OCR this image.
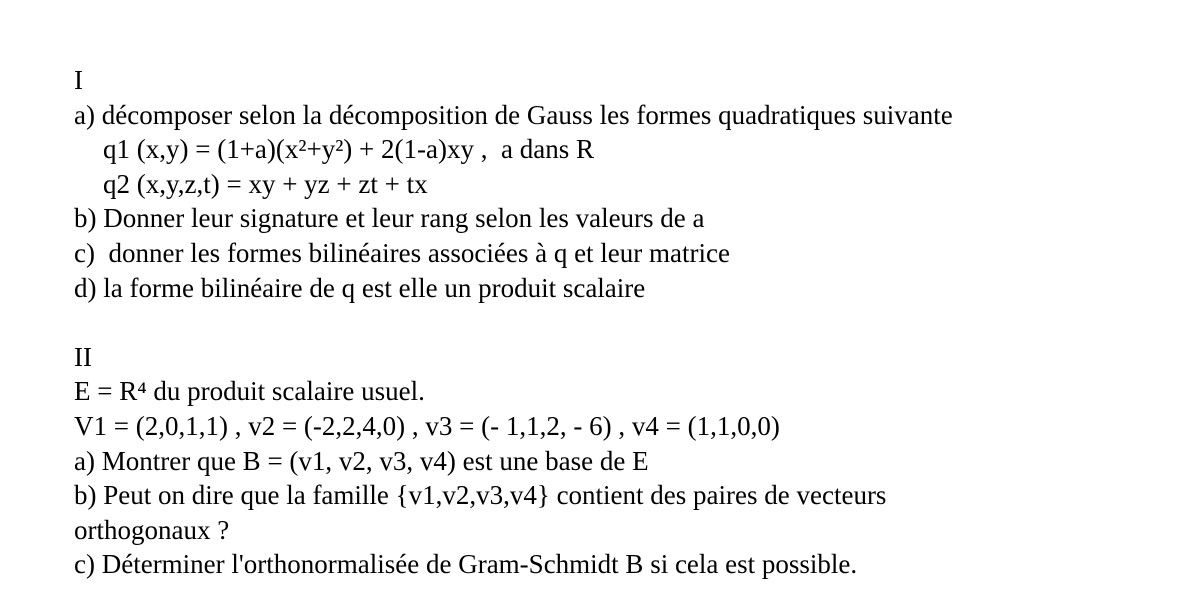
I
a) décomposer selon la décomposition de Gauss les formes quadratiques suivante
q1 (x,y) = (1+a)(x²+y²) + 2(1-a)xy ,  a dans R
q2 (x,y,z,t) = xy + yz + zt + tx
b) Donner leur signature et leur rang selon les valeurs de a
c)  donner les formes bilinéaires associées à q et leur matrice
d) la forme bilinéaire de q est elle un produit scalaire
II
E = R⁴ du produit scalaire usuel.
V1 = (2,0,1,1) , v2 = (-2,2,4,0) , v3 = (- 1,1,2, - 6) , v4 = (1,1,0,0)
a) Montrer que B = (v1, v2, v3, v4) est une base de E
b) Peut on dire que la famille {v1,v2,v3,v4} contient des paires de vecteurs
orthogonaux ?
c) Déterminer l'orthonormalisée de Gram-Schmidt B si cela est possible.
